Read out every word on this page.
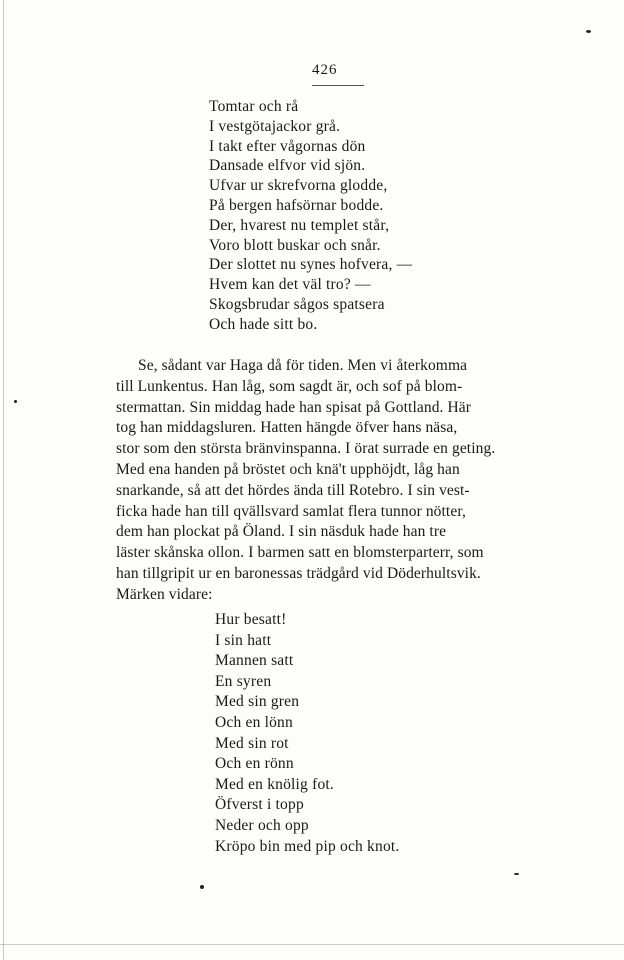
426
Tomtar och rå
I vestgötajackor grå.
I takt efter vågornas dön
Dansade elfvor vid sjön.
Ufvar ur skrefvorna glodde,
På bergen hafsörnar bodde.
Der, hvarest nu templet står,
Voro blott buskar och snår.
Der slottet nu synes hofvera, —
Hvem kan det väl tro? —
Skogsbrudar sågos spatsera
Och hade sitt bo.
Se, sådant var Haga då för tiden. Men vi återkomma
till Lunkentus. Han låg, som sagdt är, och sof på blom-
stermattan. Sin middag hade han spisat på Gottland. Här
tog han middagsluren. Hatten hängde öfver hans näsa,
stor som den största bränvinspanna. I örat surrade en geting.
Med ena handen på bröstet och knä't upphöjdt, låg han
snarkande, så att det hördes ända till Rotebro. I sin vest-
ficka hade han till qvällsvard samlat flera tunnor nötter,
dem han plockat på Öland. I sin näsduk hade han tre
läster skånska ollon. I barmen satt en blomsterparterr, som
han tillgripit ur en baronessas trädgård vid Döderhultsvik.
Märken vidare:
Hur besatt!
I sin hatt
Mannen satt
En syren
Med sin gren
Och en lönn
Med sin rot
Och en rönn
Med en knölig fot.
Öfverst i topp
Neder och opp
Kröpo bin med pip och knot.
